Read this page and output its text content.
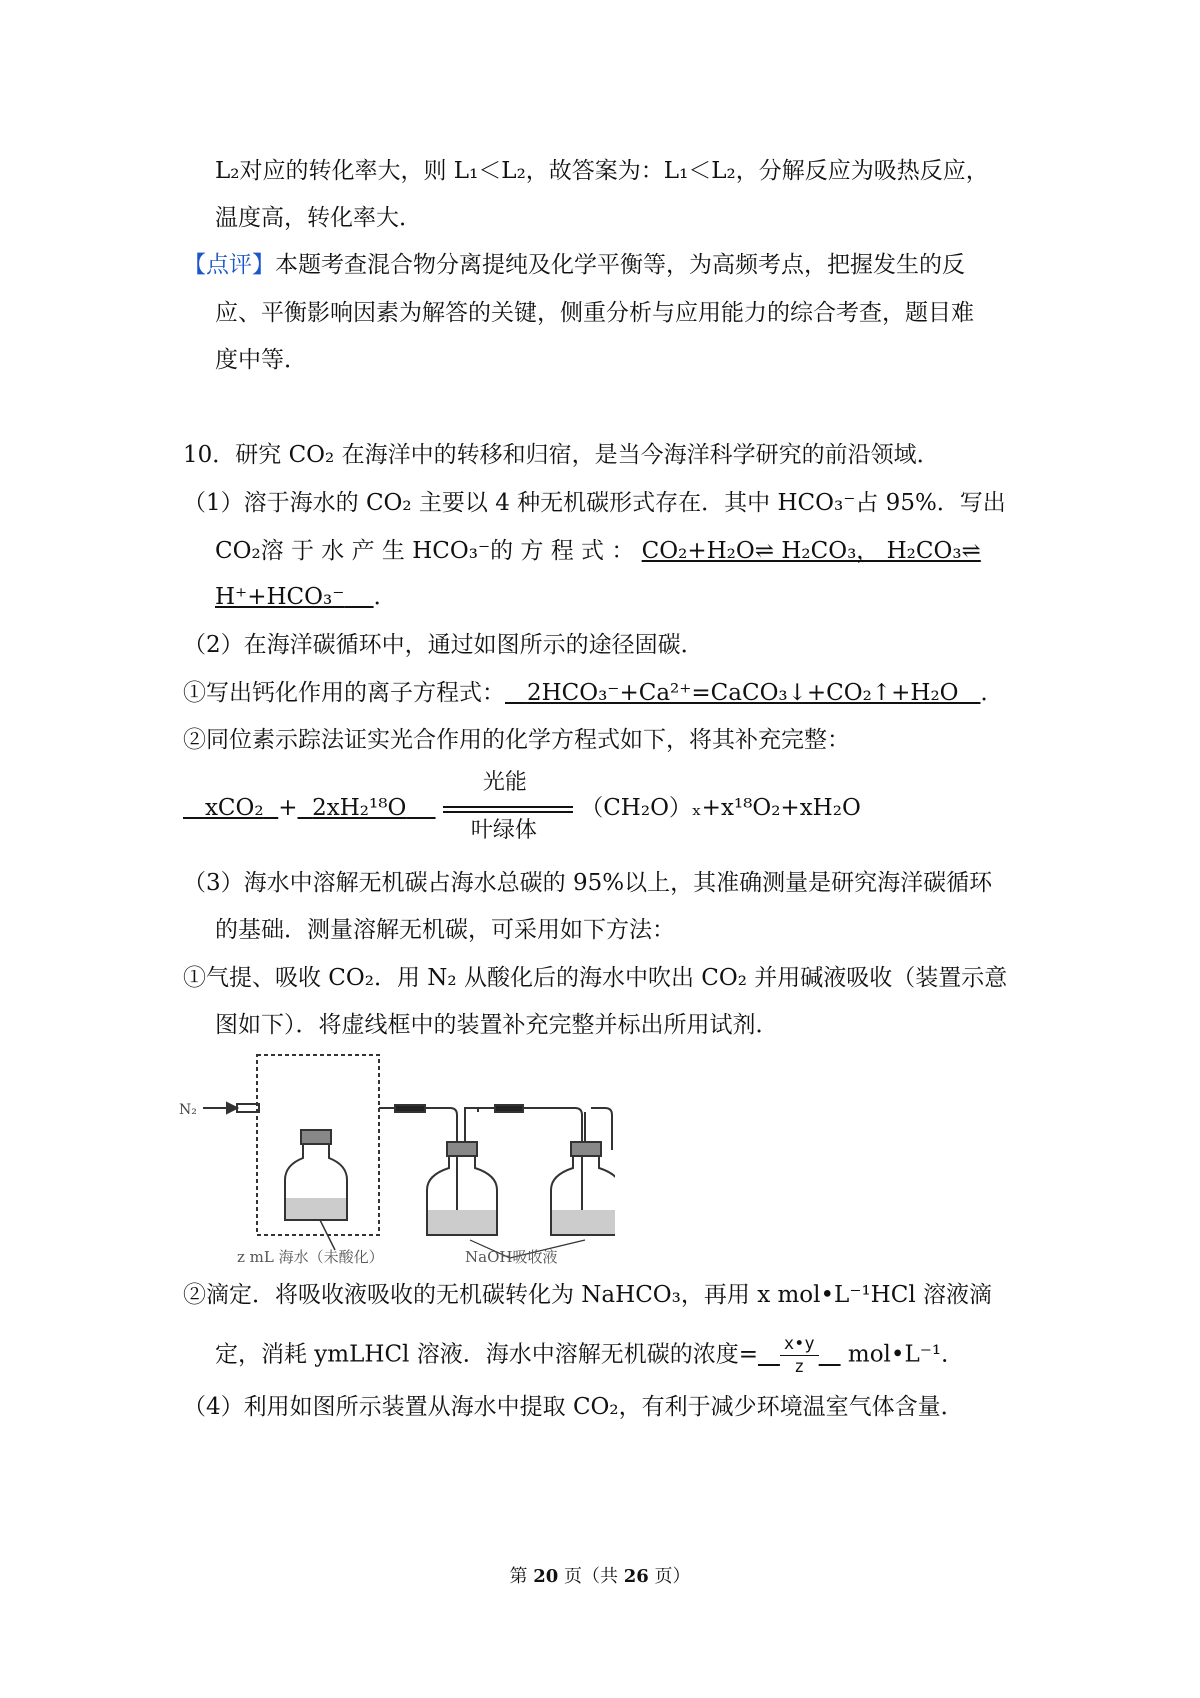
L₂对应的转化率大，则 L₁＜L₂，故答案为：L₁＜L₂，分解反应为吸热反应，
温度高，转化率大．
【点评】本题考查混合物分离提纯及化学平衡等，为高频考点，把握发生的反
应、平衡影响因素为解答的关键，侧重分析与应用能力的综合考查，题目难
度中等．
10．研究 CO₂ 在海洋中的转移和归宿，是当今海洋科学研究的前沿领域．
（1）溶于海水的 CO₂ 主要以 4 种无机碳形式存在．其中 HCO₃⁻占 95%．写出
CO₂溶 于 水 产 生 HCO₃⁻的 方 程 式 ： CO₂+H₂O⇌ H₂CO₃， H₂CO₃⇌
H⁺+HCO₃⁻ ．
（2）在海洋碳循环中，通过如图所示的途径固碳．
①写出钙化作用的离子方程式： 2HCO₃⁻+Ca²⁺=CaCO₃↓+CO₂↑+H₂O ．
②同位素示踪法证实光合作用的化学方程式如下，将其补充完整：
xCO₂ + 2xH₂¹⁸O
光能
叶绿体
（CH₂O）ₓ+x¹⁸O₂+xH₂O
（3）海水中溶解无机碳占海水总碳的 95%以上，其准确测量是研究海洋碳循环
的基础．测量溶解无机碳，可采用如下方法：
①气提、吸收 CO₂．用 N₂ 从酸化后的海水中吹出 CO₂ 并用碱液吸收（装置示意
图如下）．将虚线框中的装置补充完整并标出所用试剂．
N₂
z mL 海水（未酸化）	NaOH吸收液
②滴定．将吸收液吸收的无机碳转化为 NaHCO₃，再用 x mol•L⁻¹HCl 溶液滴
定，消耗 ymLHCl 溶液．海水中溶解无机碳的浓度= $\frac{x•y}{z}$ mol•L⁻¹．
（4）利用如图所示装置从海水中提取 CO₂，有利于减少环境温室气体含量．
第 20 页（共 26 页）
